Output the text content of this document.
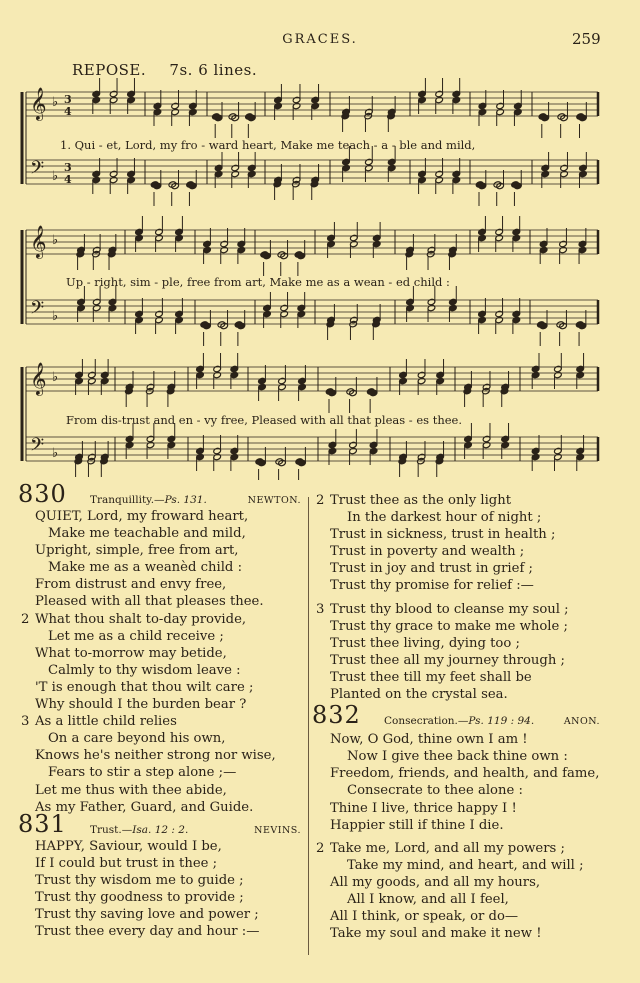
GRACES.	259
REPOSE. 7s. 6 lines.
𝄞 ♭ 3
4
𝄢 ♭
3
4
𝄞 ♭
𝄢 ♭
𝄞 ♭
𝄢 ♭
1. Qui - et, Lord, my fro - ward heart, Make me teach - a - ble and mild,
Up - right, sim - ple, free from art, Make me as a wean - ed child :
From dis-trust and en - vy free, Pleased with all that pleas - es thee.
830 Tranquillity.—Ps. 131.	NEWTON.
QUIET, Lord, my froward heart,
Make me teachable and mild,
Upright, simple, free from art,
Make me as a weanèd child :
From distrust and envy free,
Pleased with all that pleases thee.
2 What thou shalt to-day provide,
Let me as a child receive ;
What to-morrow may betide,
Calmly to thy wisdom leave :
'T is enough that thou wilt care ;
Why should I the burden bear ?
3 As a little child relies
On a care beyond his own,
Knows he's neither strong nor wise,
Fears to stir a step alone ;—
Let me thus with thee abide,
As my Father, Guard, and Guide.
831 Trust.—Isa. 12 : 2.	NEVINS.
HAPPY, Saviour, would I be,
If I could but trust in thee ;
Trust thy wisdom me to guide ;
Trust thy goodness to provide ;
Trust thy saving love and power ;
Trust thee every day and hour :—
2 Trust thee as the only light
In the darkest hour of night ;
Trust in sickness, trust in health ;
Trust in poverty and wealth ;
Trust in joy and trust in grief ;
Trust thy promise for relief :—
3 Trust thy blood to cleanse my soul ;
Trust thy grace to make me whole ;
Trust thee living, dying too ;
Trust thee all my journey through ;
Trust thee till my feet shall be
Planted on the crystal sea.
832 Consecration.—Ps. 119 : 94.	ANON.
Now, O God, thine own I am !
Now I give thee back thine own :
Freedom, friends, and health, and fame,
Consecrate to thee alone :
Thine I live, thrice happy I !
Happier still if thine I die.
2 Take me, Lord, and all my powers ;
Take my mind, and heart, and will ;
All my goods, and all my hours,
All I know, and all I feel,
All I think, or speak, or do—
Take my soul and make it new !
